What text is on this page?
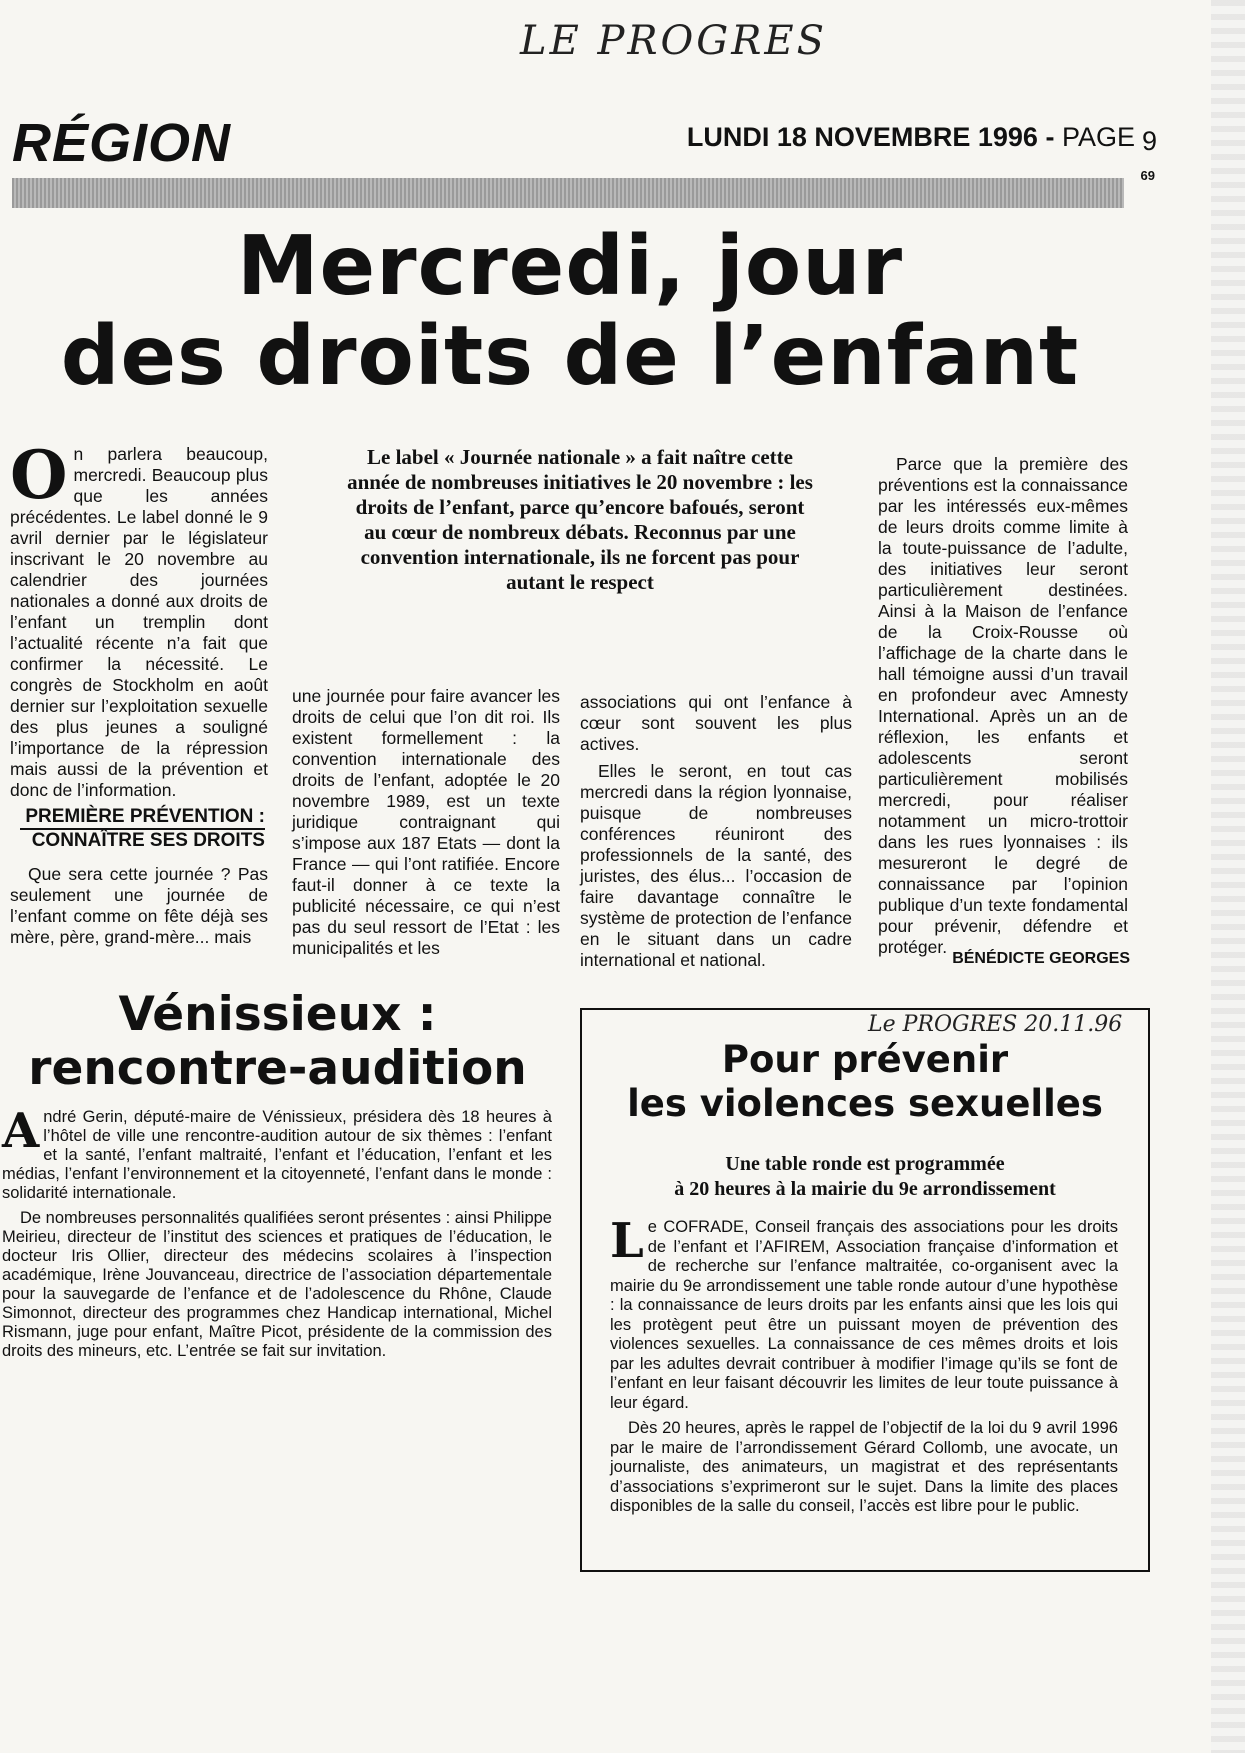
LE PROGRES
RÉGION	LUNDI 18 NOVEMBRE 1996 - PAGE 9
69
Mercredi, jour
des droits de l’enfant

O n parlera beaucoup, mercredi. Beaucoup plus que les années précédentes. Le label donné le 9 avril dernier par le législateur inscrivant le 20 novembre au calendrier des journées nationales a donné aux droits de l’enfant un tremplin dont l’actualité récente n’a fait que confirmer la nécessité. Le congrès de Stockholm en août dernier sur l’exploitation sexuelle des plus jeunes a souligné l’importance de la répression mais aussi de la prévention et donc de l’information.

PREMIÈRE PRÉVENTION :
CONNAÎTRE SES DROITS

Que sera cette journée ? Pas seulement une journée de l’enfant comme on fête déjà ses mère, père, grand-mère... mais

Le label « Journée nationale » a fait naître cette année de nombreuses initiatives le 20 novembre : les droits de l’enfant, parce qu’encore bafoués, seront au cœur de nombreux débats. Reconnus par une convention internationale, ils ne forcent pas pour autant le respect

une journée pour faire avancer les droits de celui que l’on dit roi. Ils existent formellement : la convention internationale des droits de l’enfant, adoptée le 20 novembre 1989, est un texte juridique contraignant qui s’impose aux 187 Etats — dont la France — qui l’ont ratifiée. Encore faut-il donner à ce texte la publicité nécessaire, ce qui n’est pas du seul ressort de l’Etat : les municipalités et les

associations qui ont l’enfance à cœur sont souvent les plus actives.

Elles le seront, en tout cas mercredi dans la région lyonnaise, puisque de nombreuses conférences réuniront des professionnels de la santé, des juristes, des élus... l’occasion de faire davantage connaître le système de protection de l’enfance en le situant dans un cadre international et national.

Parce que la première des préventions est la connaissance par les intéressés eux-mêmes de leurs droits comme limite à la toute-puissance de l’adulte, des initiatives leur seront particulièrement destinées. Ainsi à la Maison de l’enfance de la Croix-Rousse où l’affichage de la charte dans le hall témoigne aussi d’un travail en profondeur avec Amnesty International. Après un an de réflexion, les enfants et adolescents seront particulièrement mobilisés mercredi, pour réaliser notamment un micro-trottoir dans les rues lyonnaises : ils mesureront le degré de connaissance par l’opinion publique d’un texte fondamental pour prévenir, défendre et protéger.

BÉNÉDICTE GEORGES
Vénissieux :
rencontre-audition

A ndré Gerin, député-maire de Vénissieux, présidera dès 18 heures à l’hôtel de ville une rencontre-audition autour de six thèmes : l’enfant et la santé, l’enfant maltraité, l’enfant et l’éducation, l’enfant et les médias, l’enfant l’environnement et la citoyenneté, l’enfant dans le monde : solidarité internationale.

De nombreuses personnalités qualifiées seront présentes : ainsi Philippe Meirieu, directeur de l’institut des sciences et pratiques de l’éducation, le docteur Iris Ollier, directeur des médecins scolaires à l’inspection académique, Irène Jouvanceau, directrice de l’association départementale pour la sauvegarde de l’enfance et de l’adolescence du Rhône, Claude Simonnot, directeur des programmes chez Handicap international, Michel Rismann, juge pour enfant, Maître Picot, présidente de la commission des droits des mineurs, etc. L’entrée se fait sur invitation.

Le PROGRES 20.11.96
Pour prévenir
les violences sexuelles
Une table ronde est programmée
à 20 heures à la mairie du 9e arrondissement

L e COFRADE, Conseil français des associations pour les droits de l’enfant et l’AFIREM, Association française d’information et de recherche sur l’enfance maltraitée, co-organisent avec la mairie du 9e arrondissement une table ronde autour d’une hypothèse : la connaissance de leurs droits par les enfants ainsi que les lois qui les protègent peut être un puissant moyen de prévention des violences sexuelles. La connaissance de ces mêmes droits et lois par les adultes devrait contribuer à modifier l’image qu’ils se font de l’enfant en leur faisant découvrir les limites de leur toute puissance à leur égard.

Dès 20 heures, après le rappel de l’objectif de la loi du 9 avril 1996 par le maire de l’arrondissement Gérard Collomb, une avocate, un journaliste, des animateurs, un magistrat et des représentants d’associations s’exprimeront sur le sujet. Dans la limite des places disponibles de la salle du conseil, l’accès est libre pour le public.
